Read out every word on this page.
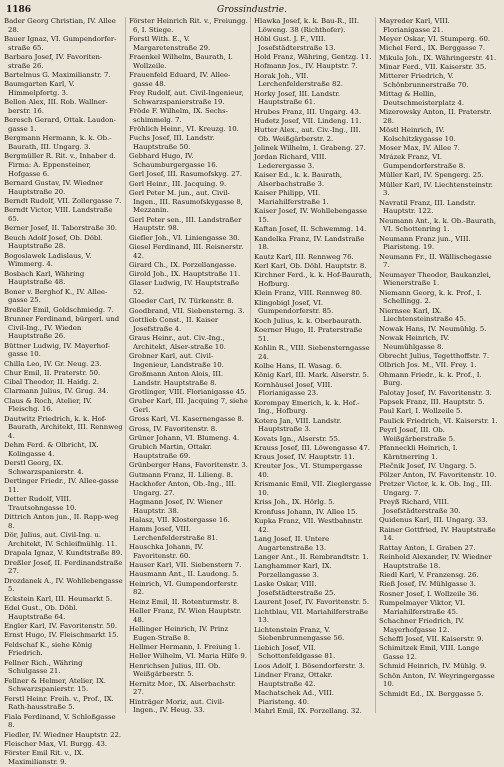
1186	Grossindustrie.
Bader Georg Christian, IV. Allee 28.
Bauer Ignaz, VI. Gumpendorfer-straße 65.
Barbara Josef, IV. Favoriten-straße 26.
Bartelmus G. Maximilianstr. 7.
Baumgarten Karl, V. Himmelpfortg. 3.
Bellon Alex, III. Rob. Wallner-berstr. 16.
Beresch Gerard, Ottak. Laudon-gasse 1.
Bergmann Hermann, k. k. Ob.-Baurath, III. Ungarg. 3.
Bergmüller R. Rit. v., Inhaber d. Firma: A. Eppensteiner, Hofgasse 6.
Bernard Gustav, IV. Wiedner Hauptstraße 20.
Berndt Rudolf, VII. Zollergasse 7.
Berndt Victor, VIII. Landstraße 65.
Berner Josef, II. Taborstraße 30.
Beuch Adolf Josef, Ob. Döbl. Hauptstraße 28.
Bogoslawek Ladislaus, V. Wimmerg. 4.
Bosbach Karl, Währing Hauptstraße 48.
Boner v. Berghof K., IV. Allee-gasse 25.
Breßler Emil, Goldschmiedg. 7.
Brunner Ferdinand, bürgerl. und Civil-Ing., IV. Wieden Hauptstraße 26.
Büttner Ludwig, IV. Mayerhof-gasse 10.
Chilla Leo, IV. Gr. Neug. 23.
Chur Emil, II. Praterstr. 50.
Cibal Theodor, II. Haidg. 2.
Clarmann Julius, IV. Grug. 34.
Claus & Roch, Atelier, IV. Fleischg. 16.
Dautwitz Friedrich, k. k. Hof-Baurath, Architekt, III. Rennweg 4.
Dehm Ferd. & Olbricht, IX. Kolingasse 4.
Derstl Georg, IX. Schwarzspanierstr. 4.
Dertinger Friedr., IV. Allee-gasse 11.
Detter Rudolf, VIII. Trautsohngasse 10.
Dittrich Anton jun., II. Rapp-weg 8.
Dör, Julius, aut. Civil-Ing. u. Architekt, IV. Schleifmühlg. 11.
Drapala Ignaz, V. Kundtstraße 89.
Dreßler Josef, II. Ferdinandstraße 27.
Drozdanek A., IV. Wohllebengasse 5.
Eckstein Karl, III. Heumarkt 5.
Edel Gust., Ob. Döbl. Hauptstraße 64.
Engler Karl, IV. Favoritenstr. 50.
Ernst Hugo, IV. Fleischmarkt 15.
Feldschaf K., siehe König Friedrich.
Fellner Rich., Währing Schulgasse 21.
Fellner & Helmer, Atelier, IX. Schwarzspanierstr. 15.
Ferstl Heinr. Freih. v., Prof., IX. Rath-hausstraße 5.
Fiala Ferdinand, V. Schloßgasse 8.
Fiedler, IV. Wiedner Hauptstr. 22.
Fleischer Max, VI. Burgg. 43.
Förster Emil Rit. v., IX. Maximilianstr. 9.
Förster Heinrich Rit. v., Freiungg. 6, I. Stiege.
Forstl With. E., V. Margaretenstraße 29.
Fraenkel Wilhelm, Baurath, I. Wollzeile.
Frauenfeld Eduard, IV. Allee-gasse 48.
Frey Rudolf, aut. Civil-Ingenieur, Schwarzspanierstraße 19.
Fröde F. Wilhelm, IX. Sechs-schimmelg. 7.
Fröhlich Heinr., VI. Kreuzg. 10.
Fuchs Josef, III. Landstr. Hauptstraße 50.
Gebhard Hugo, IV. Schaumburgergasse 16.
Gerl Josef, III. Rasumofskyg. 27.
Gerl Heinr., III. Jacquing. 9.
Gerl Peter M. jun., aut. Civil-Ingen., III. Rasumofskygasse 8, Mezzanin.
Gerl Peter sen., III. Landstraßer Hauptstr. 98.
Giefler Joh., VI. Liniengasse 30.
Giesel Ferdinand, III. Reisnerstr. 42.
Girard Ch., IX. Porzellangasse.
Girold Joh., IX. Hauptstraße 11.
Glaser Ludwig, IV. Hauptstraße 52.
Gloeder Carl, IV. Türkenstr. 8.
Goodbrand, VII. Siebensterng. 3.
Gottlieb Const., II. Kaiser Josefstraße 4.
Graus Heinr., aut. Civ.-Ing., Architekt, Alser-straße 10.
Grobner Karl, aut. Civil-Ingenieur, Landstraße 10.
Großmann Anton Alois, III. Landstr. Hauptstraße 8.
Grotlinger, VIII. Florianigasse 45.
Gruber Karl, III. Jacquing 7, siehe Gerl.
Gross Karl, VI. Kasernengasse 8.
Gross, IV. Favoritenstr. 8.
Grüner Johann, VI. Blumeng. 4.
Grubich Martin, Ottakr. Hauptstraße 69.
Grünberger Hans, Favoritenstr. 3.
Gutmann Franz, II. Lilieng. 8.
Hackhofer Anton, Ob.-Ing., III. Ungarg. 27.
Hagmann Josef, IV. Wiener Hauptstr. 38.
Halasz, VII. Klostergasse 16.
Hamm Josef, VIII. Lerchenfelderstraße 81.
Hauschka Johann, IV. Favoritenstr. 60.
Hauser Karl, VII. Siebenstern 7.
Hausmann Ant., II. Laudong. 5.
Heinrich, VI. Gumpendorferstr. 82.
Heinz Emil, II. Rotenturmstr. 8.
Heller Franz, IV. Wien Hauptstr. 48.
Hellinger Heinrich, IV. Prinz Eugen-Straße 8.
Hellmer Hermann, I. Freiung 1.
Heller Wilhelm, VI. Maria Hilfe 9.
Henrichsen Julius, III. Ob. Weißgärberstr. 5.
Hernitz Mor., IX. Alserbachstr. 27.
Hinträger Moriz, aut. Civil-Ingen., IV. Heug. 33.
Hlawka Josef, k. k. Bau-R., III. Löweng. 38 (Richthofer).
Höbl Gust. J. F., VIII. Josefstädterstraße 13.
Hold Franz, Währing, Gentzg. 11.
Hofmann Jos., IV. Hauptstr. 7.
Horak Joh., VII. Lerchenfelderstraße 82.
Horky Josef, III. Landstr. Hauptstraße 61.
Hrubes Franz, III. Ungarg. 43.
Hudetz Josef, VII. Lindeng. 11.
Hutter Alex., aut. Civ.-Ing., III. Ob. Weißgärberstr. 2.
Jelinek Wilhelm, I. Grabeng. 27.
Jordan Richard, VIII. Lederergasse 3.
Kaiser Ed., k. k. Baurath, Alserbachstraße 3.
Kaiser Philipp, VII. Mariahilferstraße 1.
Kaiser Josef, IV. Wohllebengasse 15.
Kaftan Josef, II. Schwemmg. 14.
Kandelka Franz, IV. Landstraße 18.
Kautz Karl, III. Rennweg 76.
Kerl Karl, Ob. Döbl. Hauptstr. 8.
Kirchner Ferd., k. k. Hof-Baurath, Hofburg.
Klein Franz, VIII. Rennweg 80.
Klingobigl Josef, VI. Gumpendorferstr. 85.
Koch Julius, k. k. Oberbaurath.
Koerner Hugo, II. Praterstraße 51.
Kohlin R., VIII. Siebensterngasse 24.
Kolbe Hans, II. Wasag. 6.
König Karl, III. Mark. Alserstr. 5.
Kornhäusel Josef, VIII. Florianigasse 23.
Korompay Emerich, k. k. Hof.-Ing., Hofburg.
Kotera Jan, VIII. Landstr. Hauptstraße 3.
Kovats Ign., Alserstr. 55.
Krauss Josef, III. Löwengasse 47.
Kraus Josef, IV. Hauptstr. 11.
Kreuter Jos., VI. Stumpergasse 40.
Krismanic Emil, VII. Zieglergasse 10.
Kriss Joh., IX. Hörlg. 5.
Kronfuss Johann, IV. Allee 15.
Kupka Franz, VII. Westbahnstr. 42.
Lang Josef, II. Untere Augartenstraße 13.
Langer Ant., II. Rembrandtstr. 1.
Langhammer Karl, IX. Porzellangasse 3.
Laske Oskar, VIII. Josefstädterstraße 25.
Laurent Josef, IV. Favoritenstr. 5.
Lichtblau, VII. Mariahilferstraße 13.
Lichtenstein Franz, V. Siebenbrunnengasse 56.
Liebich Josef, VII. Schottenfeldgasse 81.
Loos Adolf, I. Bösendorferstr. 3.
Lindner Franz, Ottakr. Hauptstraße 42.
Machatschek Ad., VIII. Piaristeng. 40.
Mahrl Emil, IX. Porzellang. 32.
Mayreder Karl, VIII. Florianigasse 21.
Meyer Oskar, VI. Stumperg. 60.
Michel Ferd., IX. Berggasse 7.
Mikula Joh., IX. Währingerstr. 41.
Minar Ferd., VII. Kaiserstr. 35.
Mitterer Friedrich, V. Schönbrunnerstraße 70.
Mittag & Hellin, Deutschmeisterplatz 4.
Mizerowsky Anton, II. Praterstr. 28.
Möstl Heinrich, IV. Kolschitzkygasse 10.
Moser Max, IV. Allee 7.
Mrázek Franz, VI. Gumpendorferstraße 8.
Müller Karl, IV. Spengerg. 25.
Müller Karl, IV. Liechtensteinstr. 3.
Navratil Franz, III. Landstr. Hauptstr. 122.
Neumann Ant., k. k. Ob.-Baurath, VI. Schottenring 1.
Neumann Franz jun., VIII. Piaristeng. 19.
Neumann Fr., II. Wällischegasse 7.
Neumayer Theodor, Baukanzlei, Wienerstraße 1.
Niemann Georg, k. k. Prof., I. Schellingg. 2.
Niernsee Karl, IX. Liechtensteinstraße 45.
Nowak Hans, IV. Neumühlg. 5.
Nowak Heinrich, IV. Neumühlgasse 8.
Obrecht Julius, Tegetthoffstr. 7.
Olbrich Jos. M., VII. Frey. 1.
Ohmann Friedr., k. k. Prof., I. Burg.
Palotay Josef, IV. Favoritenstr. 3.
Papsek Franz, III. Hauptstr. 5.
Paul Karl, I. Wollzeile 5.
Paulick Friedrich, VI. Kaiserstr. 1.
Peyrl Josef, III. Ob. Weißgärberstraße 5.
Pfanneckli Heinrich, I. Kärntnerring 1.
Plečnik Josef, IV. Ungarg. 5.
Pölzer Anton, IV. Favoritenstr. 10.
Pretzer Victor, k. k. Ob. Ing., III. Ungarg. 7.
Preyß Richard, VIII. Josefstädterstraße 30.
Quidenus Karl, III. Ungarg. 33.
Rainer Gottfried, IV. Hauptstraße 14.
Rattay Anton, I. Graben 27.
Reinhold Alexander, IV. Wiedner Hauptstraße 18.
Riedl Karl, V. Franzensg. 26.
Rieß Josef, IV. Mühlgasse 3.
Rosner Josef, I. Wollzeile 36.
Rumpelmayer Viktor, VI. Mariahilferstraße 45.
Schachner Friedrich, IV. Mayerhofgasse 12.
Scheffl Josef, VII. Kaiserstr. 9.
Schimitzek Emil, VIII. Lange Gasse 12.
Schmid Heinrich, IV. Mühlg. 9.
Schön Anton, IV. Weyringergasse 10.
Schmidt Ed., IX. Berggasse 5.
